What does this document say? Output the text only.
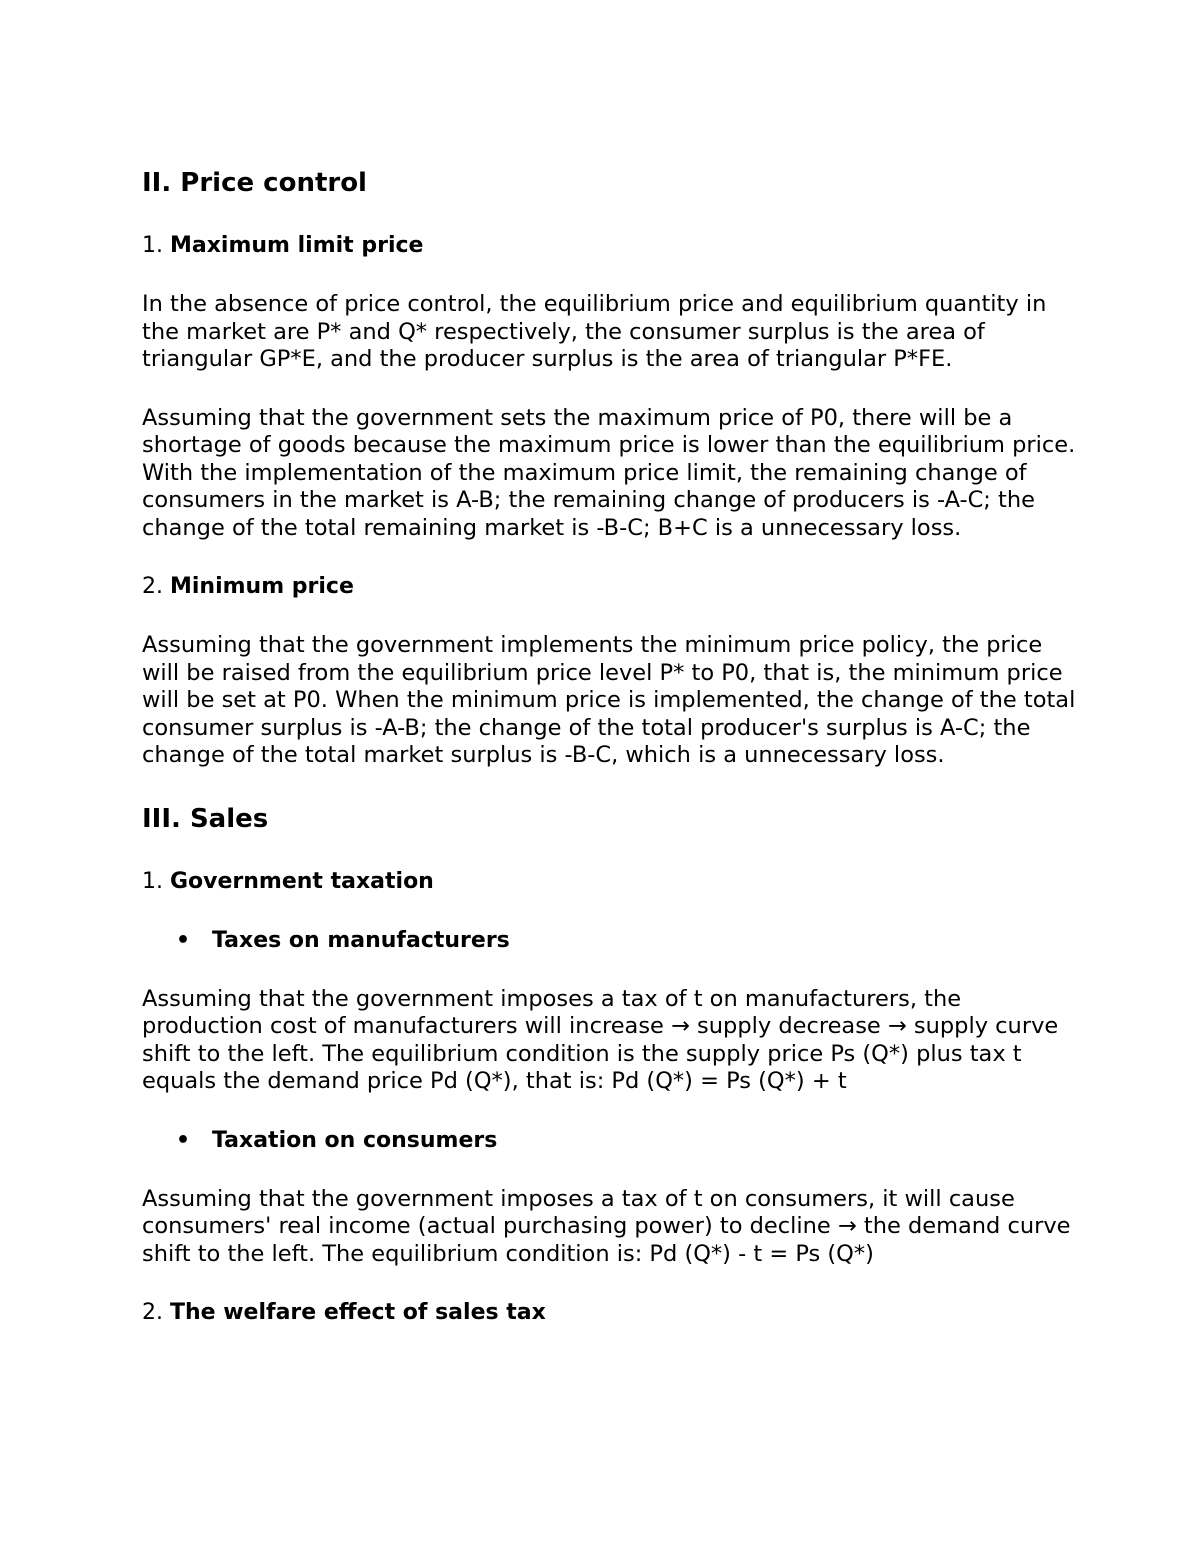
II. Price control
1. Maximum limit price

In the absence of price control, the equilibrium price and equilibrium quantity in the market are P* and Q* respectively, the consumer surplus is the area of triangular GP*E, and the producer surplus is the area of triangular P*FE.

Assuming that the government sets the maximum price of P0, there will be a shortage of goods because the maximum price is lower than the equilibrium price. With the implementation of the maximum price limit, the remaining change of consumers in the market is A-B; the remaining change of producers is -A-C; the change of the total remaining market is -B-C; B+C is a unnecessary loss.

2. Minimum price

Assuming that the government implements the minimum price policy, the price will be raised from the equilibrium price level P* to P0, that is, the minimum price will be set at P0. When the minimum price is implemented, the change of the total consumer surplus is -A-B; the change of the total producer's surplus is A-C; the change of the total market surplus is -B-C, which is a unnecessary loss.

III. Sales
1. Government taxation
• Taxes on manufacturers

Assuming that the government imposes a tax of t on manufacturers, the production cost of manufacturers will increase → supply decrease → supply curve shift to the left. The equilibrium condition is the supply price Ps (Q*) plus tax t equals the demand price Pd (Q*), that is: Pd (Q*) = Ps (Q*) + t

• Taxation on consumers

Assuming that the government imposes a tax of t on consumers, it will cause consumers' real income (actual purchasing power) to decline → the demand curve shift to the left. The equilibrium condition is: Pd (Q*) - t = Ps (Q*)

2. The welfare effect of sales tax
